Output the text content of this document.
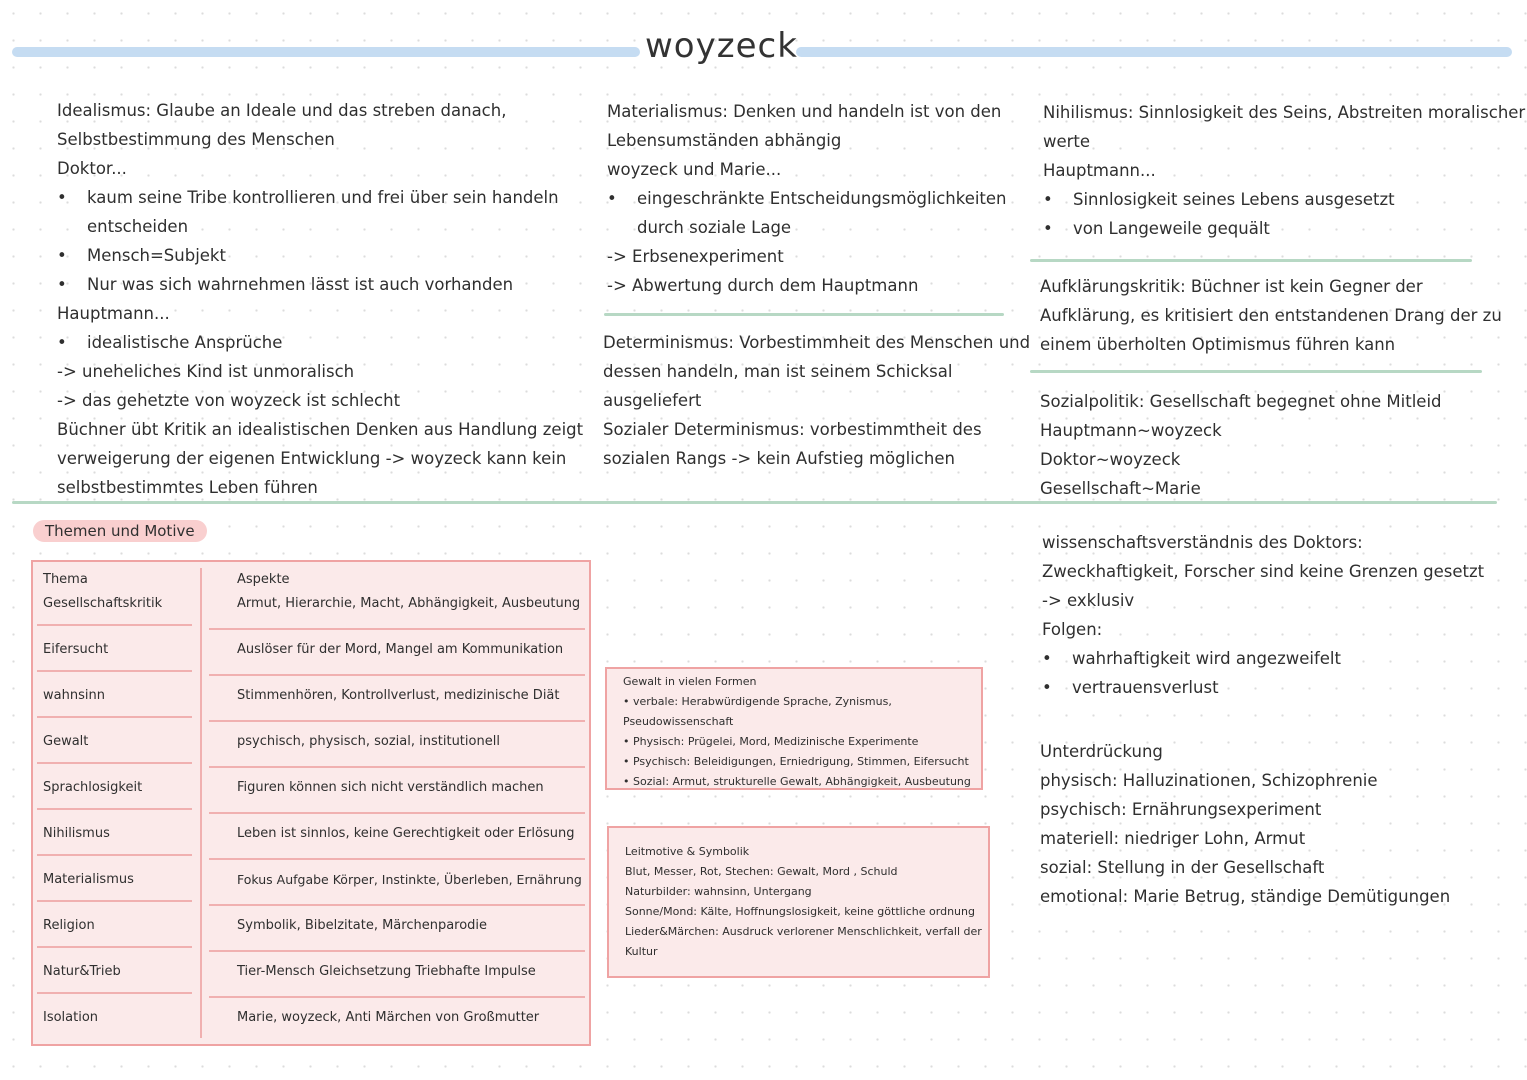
woyzeck
Idealismus: Glaube an Ideale und das streben danach,
Selbstbestimmung des Menschen
Doktor...
• kaum seine Tribe kontrollieren und frei über sein handeln
entscheiden
• Mensch=Subjekt
• Nur was sich wahrnehmen lässt ist auch vorhanden
Hauptmann...
• idealistische Ansprüche
-> uneheliches Kind ist unmoralisch
-> das gehetzte von woyzeck ist schlecht
Büchner übt Kritik an idealistischen Denken aus Handlung zeigt
verweigerung der eigenen Entwicklung -> woyzeck kann kein
selbstbestimmtes Leben führen
Materialismus: Denken und handeln ist von den
Lebensumständen abhängig
woyzeck und Marie...
• eingeschränkte Entscheidungsmöglichkeiten
durch soziale Lage
-> Erbsenexperiment
-> Abwertung durch dem Hauptmann
Determinismus: Vorbestimmheit des Menschen und
dessen handeln, man ist seinem Schicksal
ausgeliefert
Sozialer Determinismus: vorbestimmtheit des
sozialen Rangs -> kein Aufstieg möglichen
Nihilismus: Sinnlosigkeit des Seins, Abstreiten moralischer
werte
Hauptmann...
• Sinnlosigkeit seines Lebens ausgesetzt
• von Langeweile gequält
Aufklärungskritik: Büchner ist kein Gegner der
Aufklärung, es kritisiert den entstandenen Drang der zu
einem überholten Optimismus führen kann
Sozialpolitik: Gesellschaft begegnet ohne Mitleid
Hauptmann~woyzeck
Doktor~woyzeck
Gesellschaft~Marie
Themen und Motive
Thema	Aspekte
Gesellschaftskritik	Armut, Hierarchie, Macht, Abhängigkeit, Ausbeutung
Eifersucht	Auslöser für der Mord, Mangel am Kommunikation
wahnsinn	Stimmenhören, Kontrollverlust, medizinische Diät
Gewalt	psychisch, physisch, sozial, institutionell
Sprachlosigkeit	Figuren können sich nicht verständlich machen
Nihilismus	Leben ist sinnlos, keine Gerechtigkeit oder Erlösung
Materialismus	Fokus Aufgabe Körper, Instinkte, Überleben, Ernährung
Religion	Symbolik, Bibelzitate, Märchenparodie
Natur&Trieb	Tier-Mensch Gleichsetzung Triebhafte Impulse
Isolation	Marie, woyzeck, Anti Märchen von Großmutter
Gewalt in vielen Formen
• verbale: Herabwürdigende Sprache, Zynismus,
Pseudowissenschaft
• Physisch: Prügelei, Mord, Medizinische Experimente
• Psychisch: Beleidigungen, Erniedrigung, Stimmen, Eifersucht
• Sozial: Armut, strukturelle Gewalt, Abhängigkeit, Ausbeutung
Leitmotive & Symbolik
Blut, Messer, Rot, Stechen: Gewalt, Mord , Schuld
Naturbilder: wahnsinn, Untergang
Sonne/Mond: Kälte, Hoffnungslosigkeit, keine göttliche ordnung
Lieder&Märchen: Ausdruck verlorener Menschlichkeit, verfall der
Kultur
wissenschaftsverständnis des Doktors:
Zweckhaftigkeit, Forscher sind keine Grenzen gesetzt
-> exklusiv
Folgen:
• wahrhaftigkeit wird angezweifelt
• vertrauensverlust
Unterdrückung
physisch: Halluzinationen, Schizophrenie
psychisch: Ernährungsexperiment
materiell: niedriger Lohn, Armut
sozial: Stellung in der Gesellschaft
emotional: Marie Betrug, ständige Demütigungen
